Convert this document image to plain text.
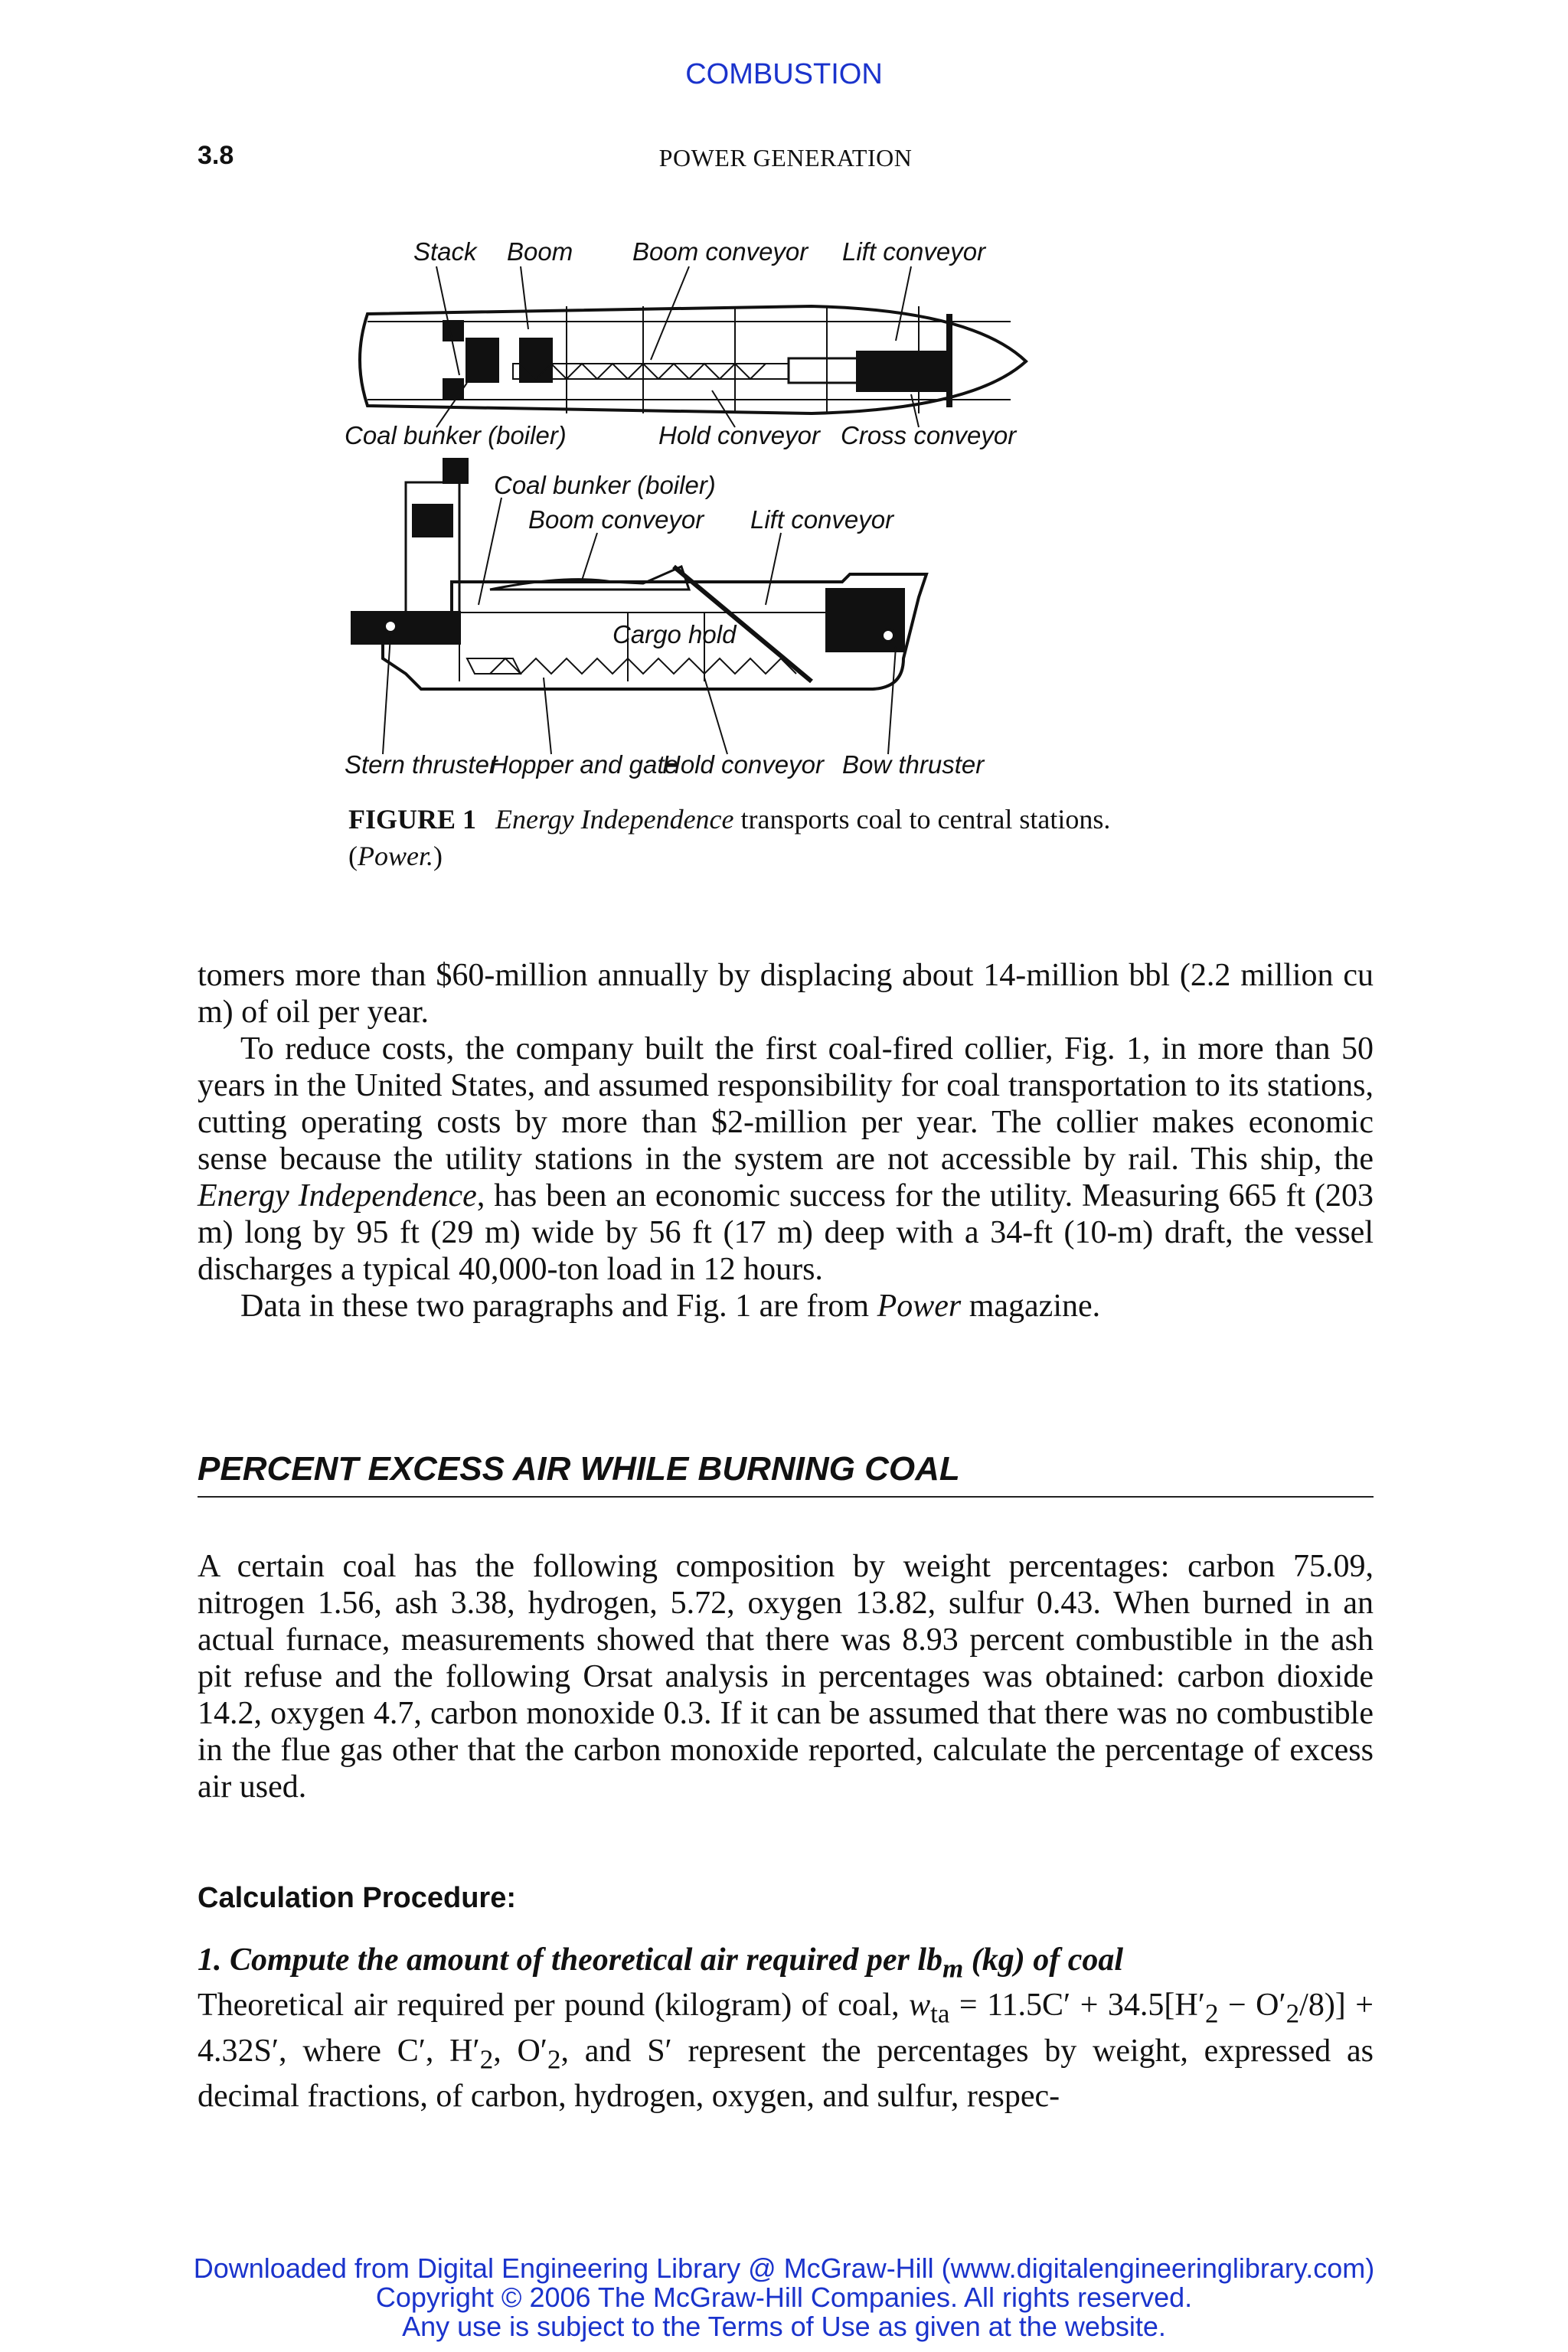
COMBUSTION
3.8	POWER GENERATION
Stack Boom Boom conveyor Lift conveyor
Coal bunker (boiler)	Hold conveyor Cross conveyor
Coal bunker (boiler)
Boom conveyor Lift conveyor
Cargo hold
Stern thruster
Hopper and gate
Hold conveyor Bow thruster
FIGURE 1 Energy Independence transports coal to central stations.
(Power.)

tomers more than $60-million annually by displacing about 14-million bbl (2.2 million cu m) of oil per year.

To reduce costs, the company built the first coal-fired collier, Fig. 1, in more than 50 years in the United States, and assumed responsibility for coal transportation to its stations, cutting operating costs by more than $2-million per year. The collier makes economic sense because the utility stations in the system are not accessible by rail. This ship, the Energy Independence, has been an economic success for the utility. Measuring 665 ft (203 m) long by 95 ft (29 m) wide by 56 ft (17 m) deep with a 34-ft (10-m) draft, the vessel discharges a typical 40,000-ton load in 12 hours.

Data in these two paragraphs and Fig. 1 are from Power magazine.

PERCENT EXCESS AIR WHILE BURNING COAL

A certain coal has the following composition by weight percentages: carbon 75.09, nitrogen 1.56, ash 3.38, hydrogen, 5.72, oxygen 13.82, sulfur 0.43. When burned in an actual furnace, measurements showed that there was 8.93 percent combustible in the ash pit refuse and the following Orsat analysis in percentages was obtained: carbon dioxide 14.2, oxygen 4.7, carbon monoxide 0.3. If it can be assumed that there was no combustible in the flue gas other that the carbon monoxide reported, calculate the percentage of excess air used.

Calculation Procedure:
1. Compute the amount of theoretical air required per $lb_m$ (kg) of coal
Theoretical air required per pound (kilogram) of coal, $w_{ta} = 11.5C' + 34.5[H'_2 - O'_2/8)] + 4.32S'$, where C′, $H'_2$, $O'_2$, and S′ represent the percentages by weight, expressed as decimal fractions, of carbon, hydrogen, oxygen, and sulfur, respec-
Downloaded from Digital Engineering Library @ McGraw-Hill (www.digitalengineeringlibrary.com)
Copyright © 2006 The McGraw-Hill Companies. All rights reserved.
Any use is subject to the Terms of Use as given at the website.
